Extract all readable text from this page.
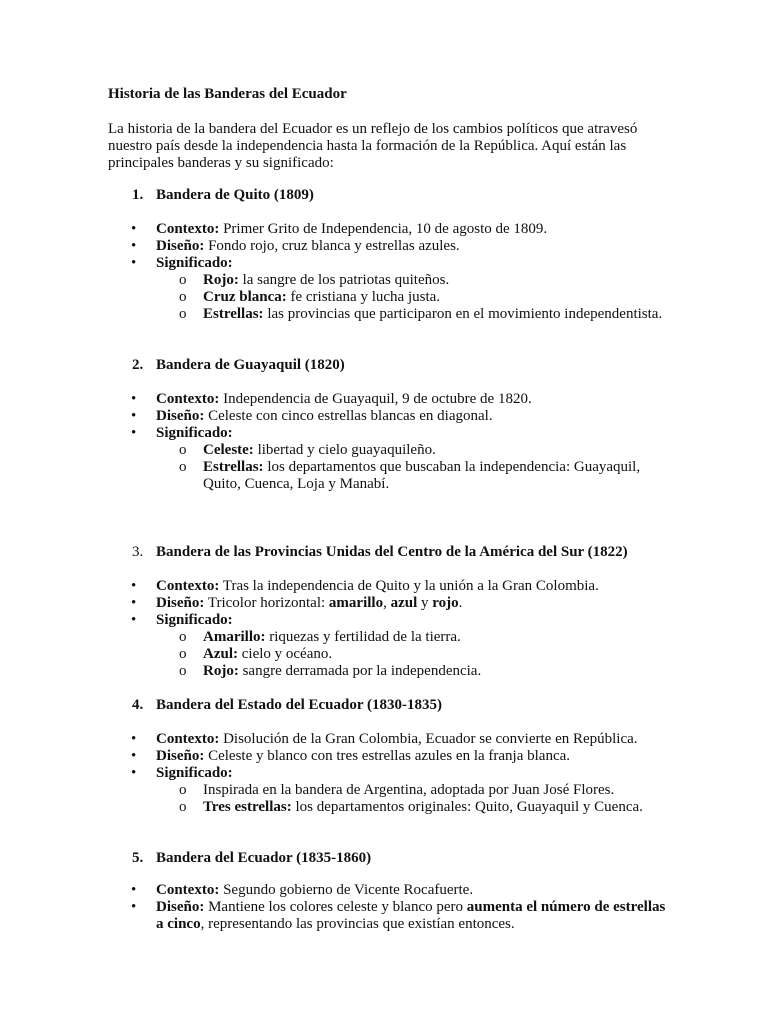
Historia de las Banderas del Ecuador

La historia de la bandera del Ecuador es un reflejo de los cambios políticos que atravesó nuestro país desde la independencia hasta la formación de la República. Aquí están las principales banderas y su significado:

1. Bandera de Quito (1809)
• Contexto: Primer Grito de Independencia, 10 de agosto de 1809.
• Diseño: Fondo rojo, cruz blanca y estrellas azules.
• Significado:
o Rojo: la sangre de los patriotas quiteños.
o Cruz blanca: fe cristiana y lucha justa.
o Estrellas: las provincias que participaron en el movimiento independentista.
2. Bandera de Guayaquil (1820)
• Contexto: Independencia de Guayaquil, 9 de octubre de 1820.
• Diseño: Celeste con cinco estrellas blancas en diagonal.
• Significado:
o Celeste: libertad y cielo guayaquileño.
o Estrellas: los departamentos que buscaban la independencia: Guayaquil, Quito, Cuenca, Loja y Manabí.
3. Bandera de las Provincias Unidas del Centro de la América del Sur (1822)
• Contexto: Tras la independencia de Quito y la unión a la Gran Colombia.
• Diseño: Tricolor horizontal: amarillo, azul y rojo.
• Significado:
o Amarillo: riquezas y fertilidad de la tierra.
o Azul: cielo y océano.
o Rojo: sangre derramada por la independencia.
4. Bandera del Estado del Ecuador (1830-1835)
• Contexto: Disolución de la Gran Colombia, Ecuador se convierte en República.
• Diseño: Celeste y blanco con tres estrellas azules en la franja blanca.
• Significado:
o Inspirada en la bandera de Argentina, adoptada por Juan José Flores.
o Tres estrellas: los departamentos originales: Quito, Guayaquil y Cuenca.
5. Bandera del Ecuador (1835-1860)
• Contexto: Segundo gobierno de Vicente Rocafuerte.
• Diseño: Mantiene los colores celeste y blanco pero aumenta el número de estrellas a cinco, representando las provincias que existían entonces.
